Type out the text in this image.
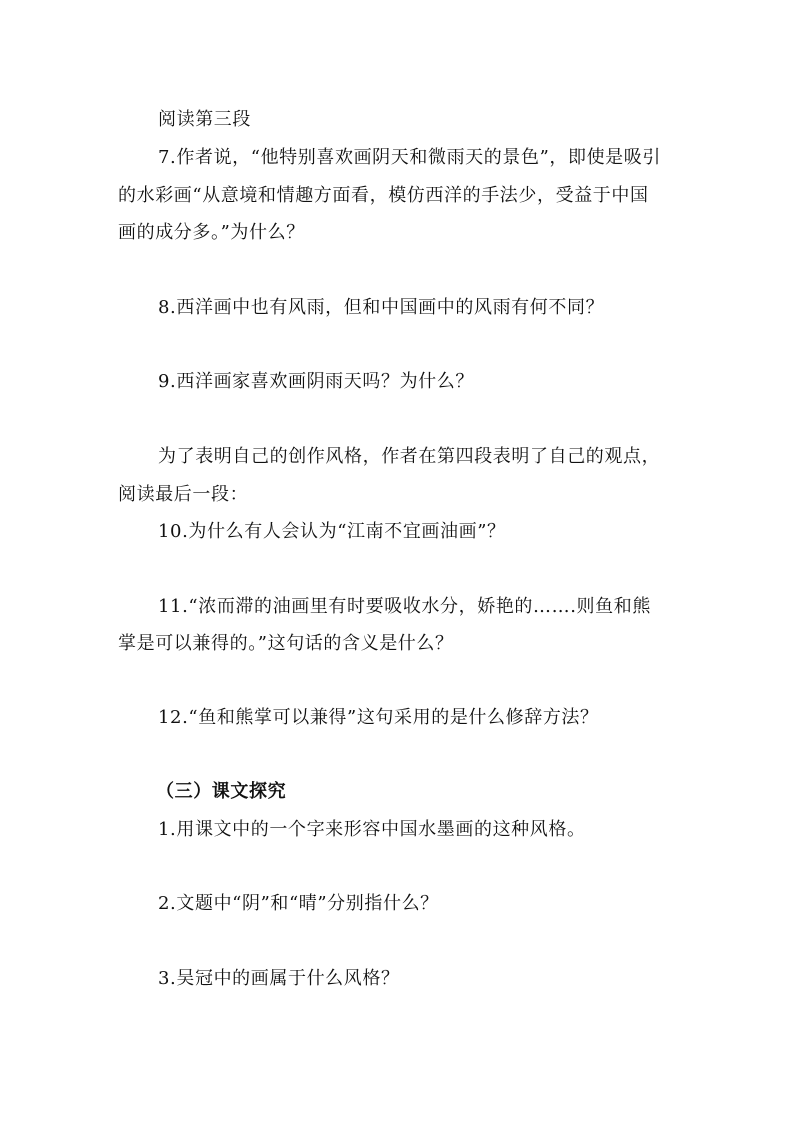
阅读第三段
7.作者说，“他特别喜欢画阴天和微雨天的景色”，即使是吸引
的水彩画“从意境和情趣方面看，模仿西洋的手法少，受益于中国
画的成分多。”为什么？
8.西洋画中也有风雨，但和中国画中的风雨有何不同？
9.西洋画家喜欢画阴雨天吗？为什么？
为了表明自己的创作风格，作者在第四段表明了自己的观点，
阅读最后一段：
10.为什么有人会认为“江南不宜画油画”？
11.“浓而滞的油画里有时要吸收水分，娇艳的…….则鱼和熊
掌是可以兼得的。”这句话的含义是什么？
12.“鱼和熊掌可以兼得”这句采用的是什么修辞方法？
（三）课文探究
1.用课文中的一个字来形容中国水墨画的这种风格。
2.文题中“阴”和“晴”分别指什么？
3.吴冠中的画属于什么风格？
